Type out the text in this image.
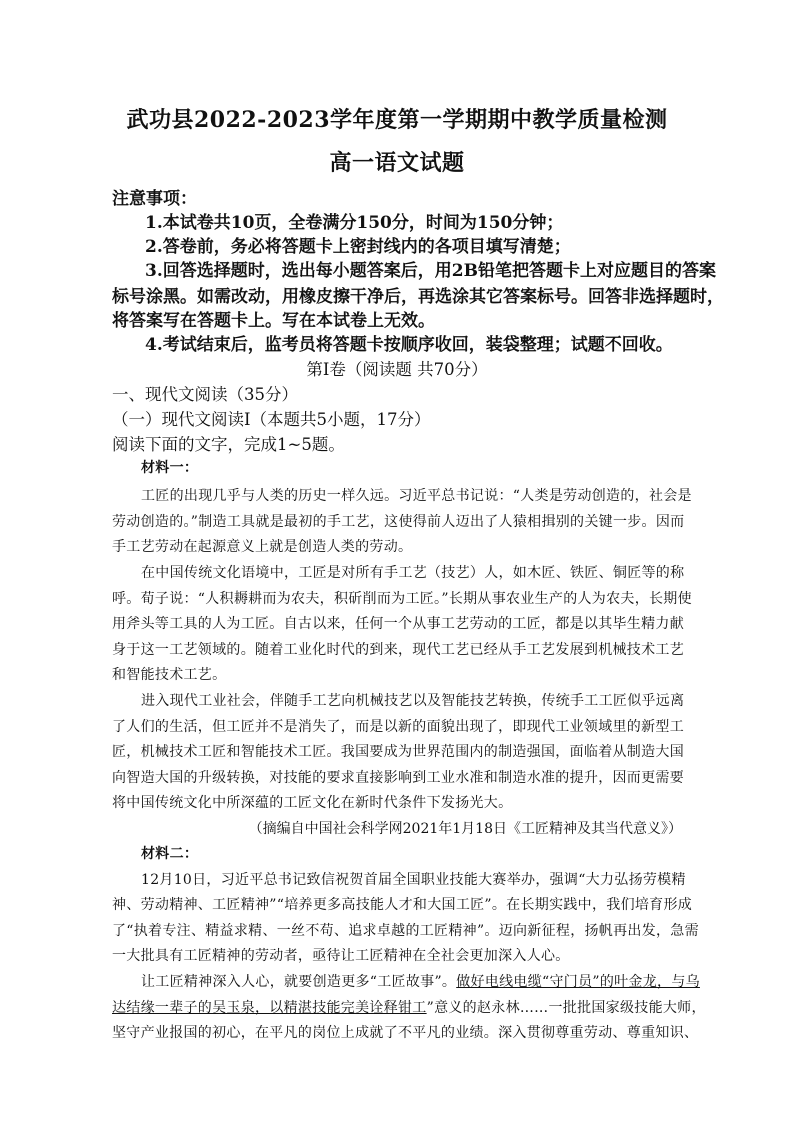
武功县2022-2023学年度第一学期期中教学质量检测
高一语文试题
注意事项：
1.本试卷共10页，全卷满分150分，时间为150分钟；
2.答卷前，务必将答题卡上密封线内的各项目填写清楚；
3.回答选择题时，选出每小题答案后，用2B铅笔把答题卡上对应题目的答案
标号涂黑。如需改动，用橡皮擦干净后，再选涂其它答案标号。回答非选择题时，
将答案写在答题卡上。写在本试卷上无效。
4.考试结束后，监考员将答题卡按顺序收回，装袋整理；试题不回收。
第Ⅰ卷（阅读题 共70分）
一、现代文阅读（35分）
（一）现代文阅读Ⅰ（本题共5小题，17分）
阅读下面的文字，完成1~5题。
材料一：
工匠的出现几乎与人类的历史一样久远。习近平总书记说：“人类是劳动创造的，社会是
劳动创造的。”制造工具就是最初的手工艺，这使得前人迈出了人猿相揖别的关键一步。因而
手工艺劳动在起源意义上就是创造人类的劳动。
在中国传统文化语境中，工匠是对所有手工艺（技艺）人，如木匠、铁匠、铜匠等的称
呼。荀子说：“人积耨耕而为农夫，积斫削而为工匠。”长期从事农业生产的人为农夫，长期使
用斧头等工具的人为工匠。自古以来，任何一个从事工艺劳动的工匠，都是以其毕生精力献
身于这一工艺领域的。随着工业化时代的到来，现代工艺已经从手工艺发展到机械技术工艺
和智能技术工艺。
进入现代工业社会，伴随手工艺向机械技艺以及智能技艺转换，传统手工工匠似乎远离
了人们的生活，但工匠并不是消失了，而是以新的面貌出现了，即现代工业领域里的新型工
匠，机械技术工匠和智能技术工匠。我国要成为世界范围内的制造强国，面临着从制造大国
向智造大国的升级转换，对技能的要求直接影响到工业水准和制造水准的提升，因而更需要
将中国传统文化中所深蕴的工匠文化在新时代条件下发扬光大。
（摘编自中国社会科学网2021年1月18日《工匠精神及其当代意义》）
材料二：
12月10日，习近平总书记致信祝贺首届全国职业技能大赛举办，强调“大力弘扬劳模精
神、劳动精神、工匠精神”“培养更多高技能人才和大国工匠”。在长期实践中，我们培育形成
了“执着专注、精益求精、一丝不苟、追求卓越的工匠精神”。迈向新征程，扬帆再出发，急需
一大批具有工匠精神的劳动者，亟待让工匠精神在全社会更加深入人心。
让工匠精神深入人心，就要创造更多“工匠故事”。做好电线电缆“守门员”的叶金龙，与乌
达结缘一辈子的吴玉泉，以精湛技能完美诠释钳工”意义的赵永林……一批批国家级技能大师，
坚守产业报国的初心，在平凡的岗位上成就了不平凡的业绩。深入贯彻尊重劳动、尊重知识、
